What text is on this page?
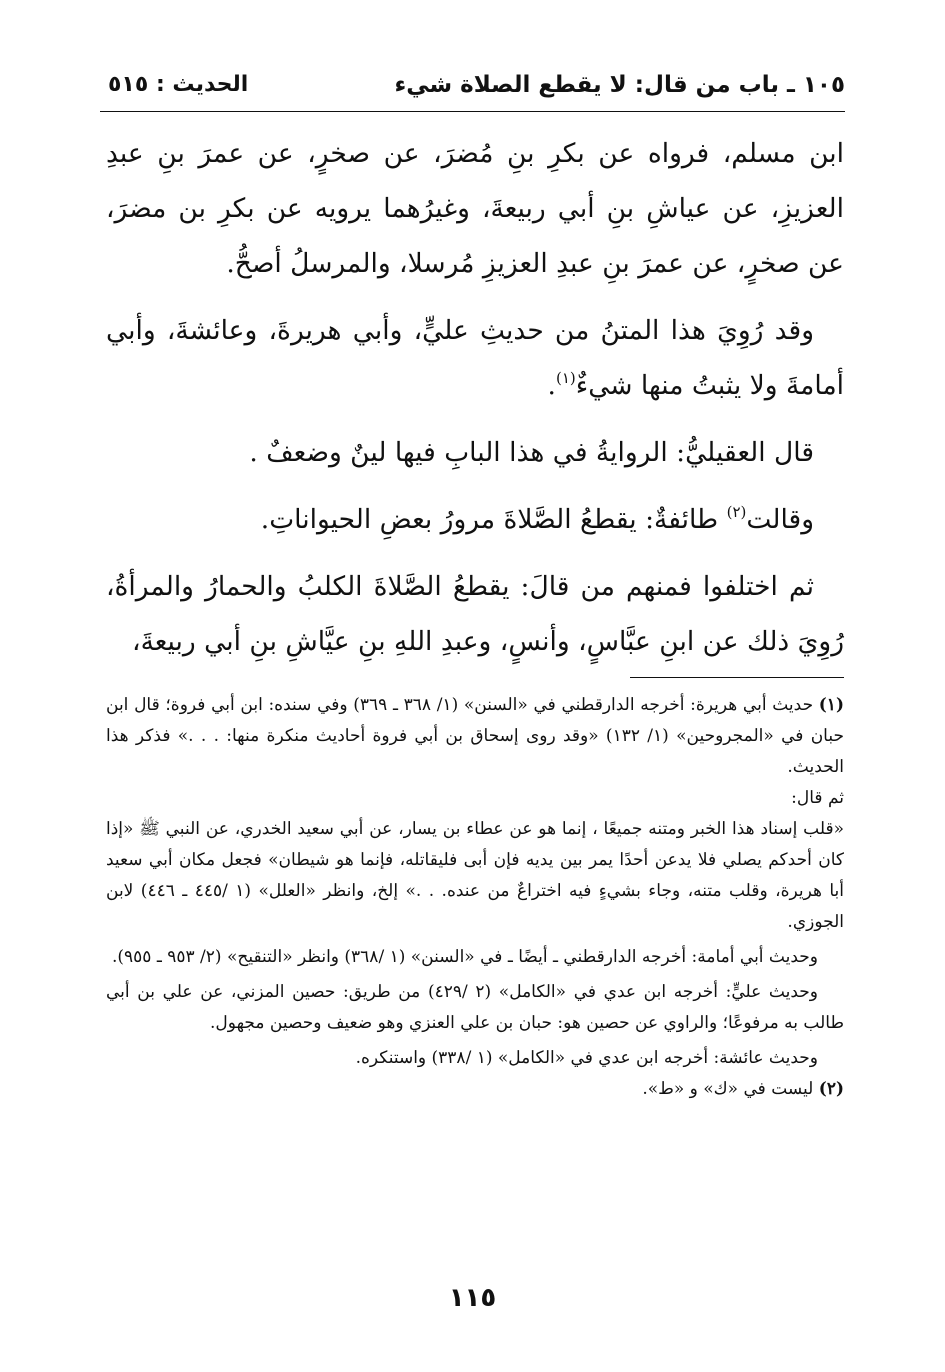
١٠٥ ـ باب من قال: لا يقطع الصلاة شيء
الحديث : ٥١٥

ابن مسلم، فرواه عن بكرِ بنِ مُضرَ، عن صخرٍ، عن عمرَ بنِ عبدِ العزيزِ، عن عياشِ بنِ أبي ربيعةَ، وغيرُهما يرويه عن بكرِ بن مضرَ، عن صخرٍ، عن عمرَ بنِ عبدِ العزيزِ مُرسلا، والمرسلُ أصحُّ.

وقد رُوِيَ هذا المتنُ من حديثِ عليٍّ، وأبي هريرةَ، وعائشةَ، وأبي أمامةَ ولا يثبتُ منها شيءٌ$^{(١)}$.

قال العقيليُّ: الروايةُ في هذا البابِ فيها لينٌ وضعفٌ .

وقالت$^{(٢)}$ طائفةٌ: يقطعُ الصَّلاةَ مرورُ بعضِ الحيواناتِ.

ثم اختلفوا فمنهم من قالَ: يقطعُ الصَّلاةَ الكلبُ والحمارُ والمرأةُ، رُوِيَ ذلك عن ابنِ عبَّاسٍ، وأنسٍ، وعبدِ اللهِ بنِ عيَّاشِ بنِ أبي ربيعةَ،

(١) حديث أبي هريرة: أخرجه الدارقطني في «السنن» (١/ ٣٦٨ ـ ٣٦٩) وفي سنده: ابن أبي فروة؛ قال ابن حبان في «المجروحين» (١/ ١٣٢) «وقد روى إسحاق بن أبي فروة أحاديث منكرة منها: . . .» فذكر هذا الحديث.

ثم قال:

«قلب إسناد هذا الخبر ومتنه جميعًا ، إنما هو عن عطاء بن يسار، عن أبي سعيد الخدري، عن النبي ﷺ «إذا كان أحدكم يصلي فلا يدعن أحدًا يمر بين يديه فإن أبى فليقاتله، فإنما هو شيطان» فجعل مكان أبي سعيد أبا هريرة، وقلب متنه، وجاء بشيءٍ فيه اختراعٌ من عنده. . .» إلخ، وانظر «العلل» (١ /٤٤٥ ـ ٤٤٦) لابن الجوزي.

وحديث أبي أمامة: أخرجه الدارقطني ـ أيضًا ـ في «السنن» (١ /٣٦٨) وانظر «التنقيح» (٢/ ٩٥٣ ـ ٩٥٥).

وحديث عليٍّ: أخرجه ابن عدي في «الكامل» (٢ /٤٢٩) من طريق: حصين المزني، عن علي بن أبي طالب به مرفوعًا؛ والراوي عن حصين هو: حبان بن علي العنزي وهو ضعيف وحصين مجهول.

وحديث عائشة: أخرجه ابن عدي في «الكامل» (١ /٣٣٨) واستنكره.

(٢) ليست في «ك» و «ط».

١١٥
